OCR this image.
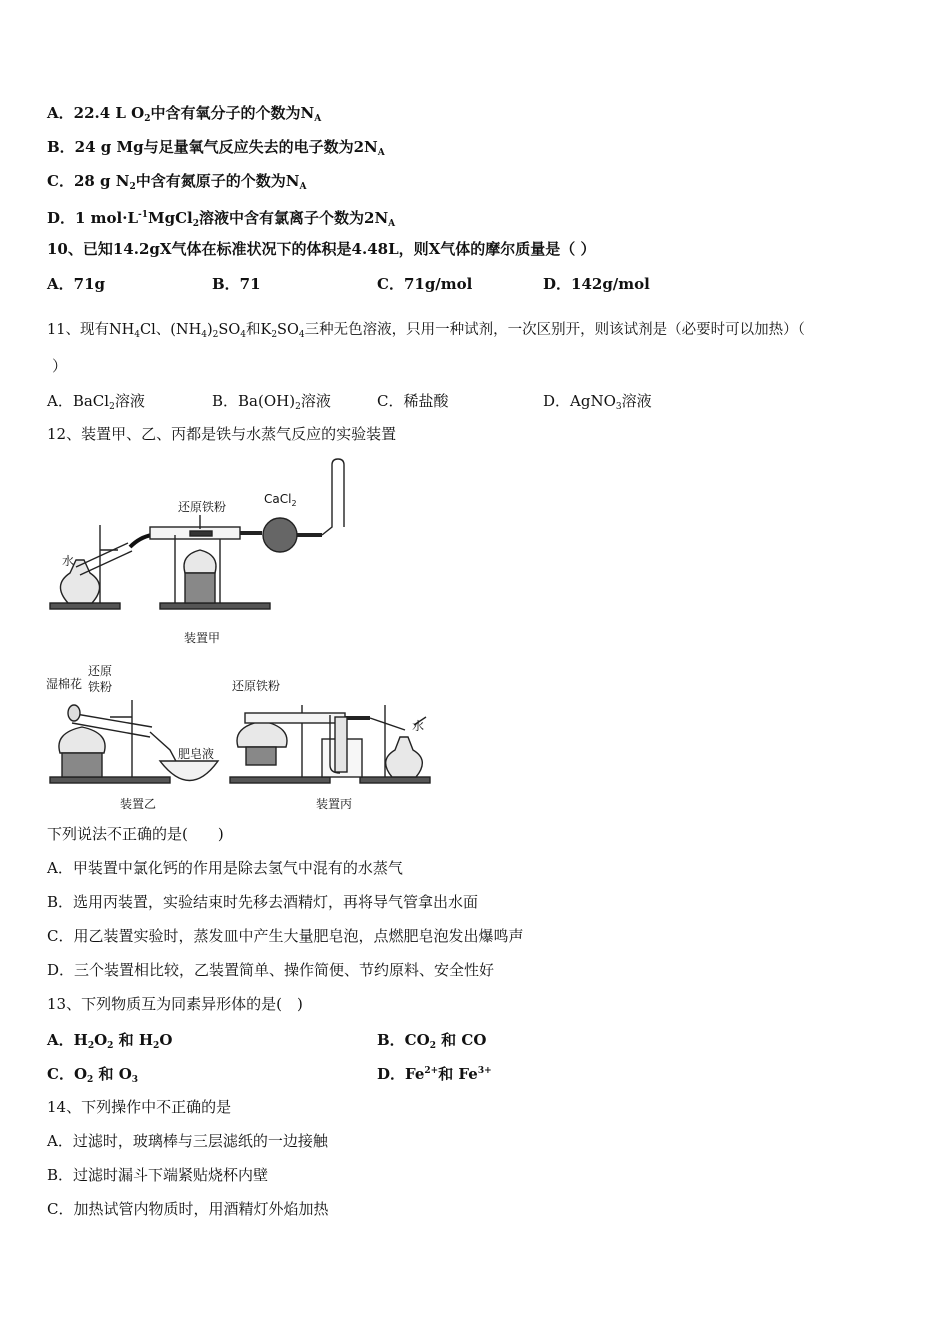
A．22.4 L $O_2$中含有氧分子的个数为$N_A$
B．24 g Mg与足量氧气反应失去的电子数为$2N_A$
C．28 g $N_2$中含有氮原子的个数为$N_A$
D．1 $mol\cdot L^{-1}MgCl_2$溶液中含有氯离子个数为$2N_A$
10、已知14.2gX气体在标准状况下的体积是4.48L，则X气体的摩尔质量是（ ）
A．71g	B．71	C．71g/mol	D．142g/mol
11、现有$NH_4Cl$、$(NH_4)_2SO_4$和$K_2SO_4$三种无色溶液，只用一种试剂，一次区别开，则该试剂是（必要时可以加热）（
）
A．BaCl$_2$溶液	B．$Ba(OH)_2$溶液	C．稀盐酸	D．AgNO$_3$溶液
12、装置甲、乙、丙都是铁与水蒸气反应的实验装置
还原铁粉
CaCl$_2$
水
装置甲
湿棉花
还原
铁粉
肥皂液
装置乙
还原铁粉
水
装置丙
下列说法不正确的是(　　)
A．甲装置中氯化钙的作用是除去氢气中混有的水蒸气
B．选用丙装置，实验结束时先移去酒精灯，再将导气管拿出水面
C．用乙装置实验时，蒸发皿中产生大量肥皂泡，点燃肥皂泡发出爆鸣声
D．三个装置相比较，乙装置简单、操作简便、节约原料、安全性好
13、下列物质互为同素异形体的是(　)
A．$H_2O_2$ 和 $H_2O$	B．$CO_2$ 和 CO
C．$O_2$ 和 $O_3$	D．$Fe^{2+}$和 $Fe^{3+}$
14、下列操作中不正确的是
A．过滤时，玻璃棒与三层滤纸的一边接触
B．过滤时漏斗下端紧贴烧杯内壁
C．加热试管内物质时，用酒精灯外焰加热
